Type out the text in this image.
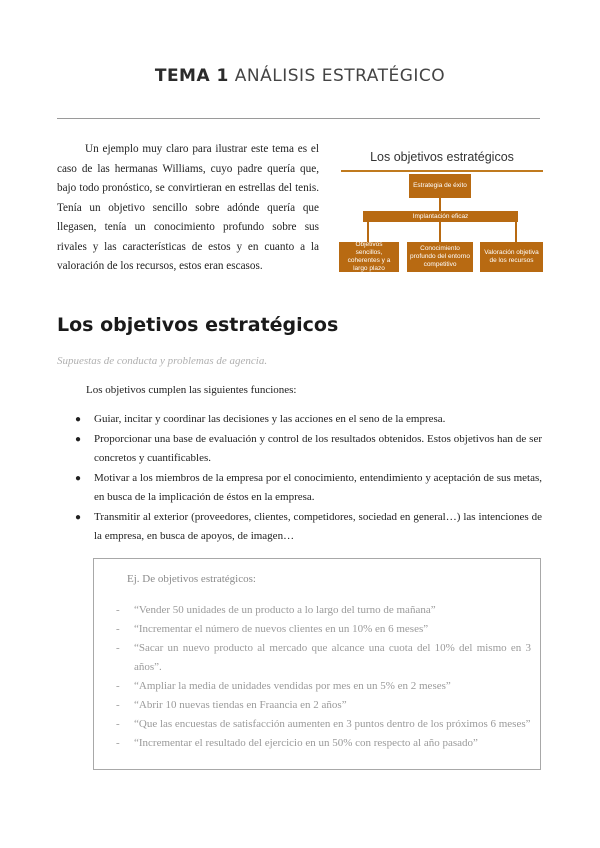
TEMA 1 ANÁLISIS ESTRATÉGICO

Un ejemplo muy claro para ilustrar este tema es el caso de las hermanas Williams, cuyo padre quería que, bajo todo pronóstico, se convirtieran en estrellas del tenis. Tenía un objetivo sencillo sobre adónde quería que llegasen, tenía un conocimiento profundo sobre sus rivales y las características de estos y en cuanto a la valoración de los recursos, estos eran escasos.

Los objetivos estratégicos
Estrategia de éxito
Implantación eficaz
Objetivos sencillos, coherentes y a largo plazo
Conocimiento profundo del entorno competitivo
Valoración objetiva de los recursos
Los objetivos estratégicos
Supuestas de conducta y problemas de agencia.
Los objetivos cumplen las siguientes funciones:
● Guiar, incitar y coordinar las decisiones y las acciones en el seno de la empresa.
● Proporcionar una base de evaluación y control de los resultados obtenidos. Estos objetivos han de ser concretos y cuantificables.
● Motivar a los miembros de la empresa por el conocimiento, entendimiento y aceptación de sus metas, en busca de la implicación de éstos en la empresa.
● Transmitir al exterior (proveedores, clientes, competidores, sociedad en general…) las intenciones de la empresa, en busca de apoyos, de imagen…
Ej. De objetivos estratégicos:
- “Vender 50 unidades de un producto a lo largo del turno de mañana”
- “Incrementar el número de nuevos clientes en un 10% en 6 meses”
- “Sacar un nuevo producto al mercado que alcance una cuota del 10% del mismo en 3 años”.
- “Ampliar la media de unidades vendidas por mes en un 5% en 2 meses”
- “Abrir 10 nuevas tiendas en Fraancia en 2 años”
- “Que las encuestas de satisfacción aumenten en 3 puntos dentro de los próximos 6 meses”
- “Incrementar el resultado del ejercicio en un 50% con respecto al año pasado”
